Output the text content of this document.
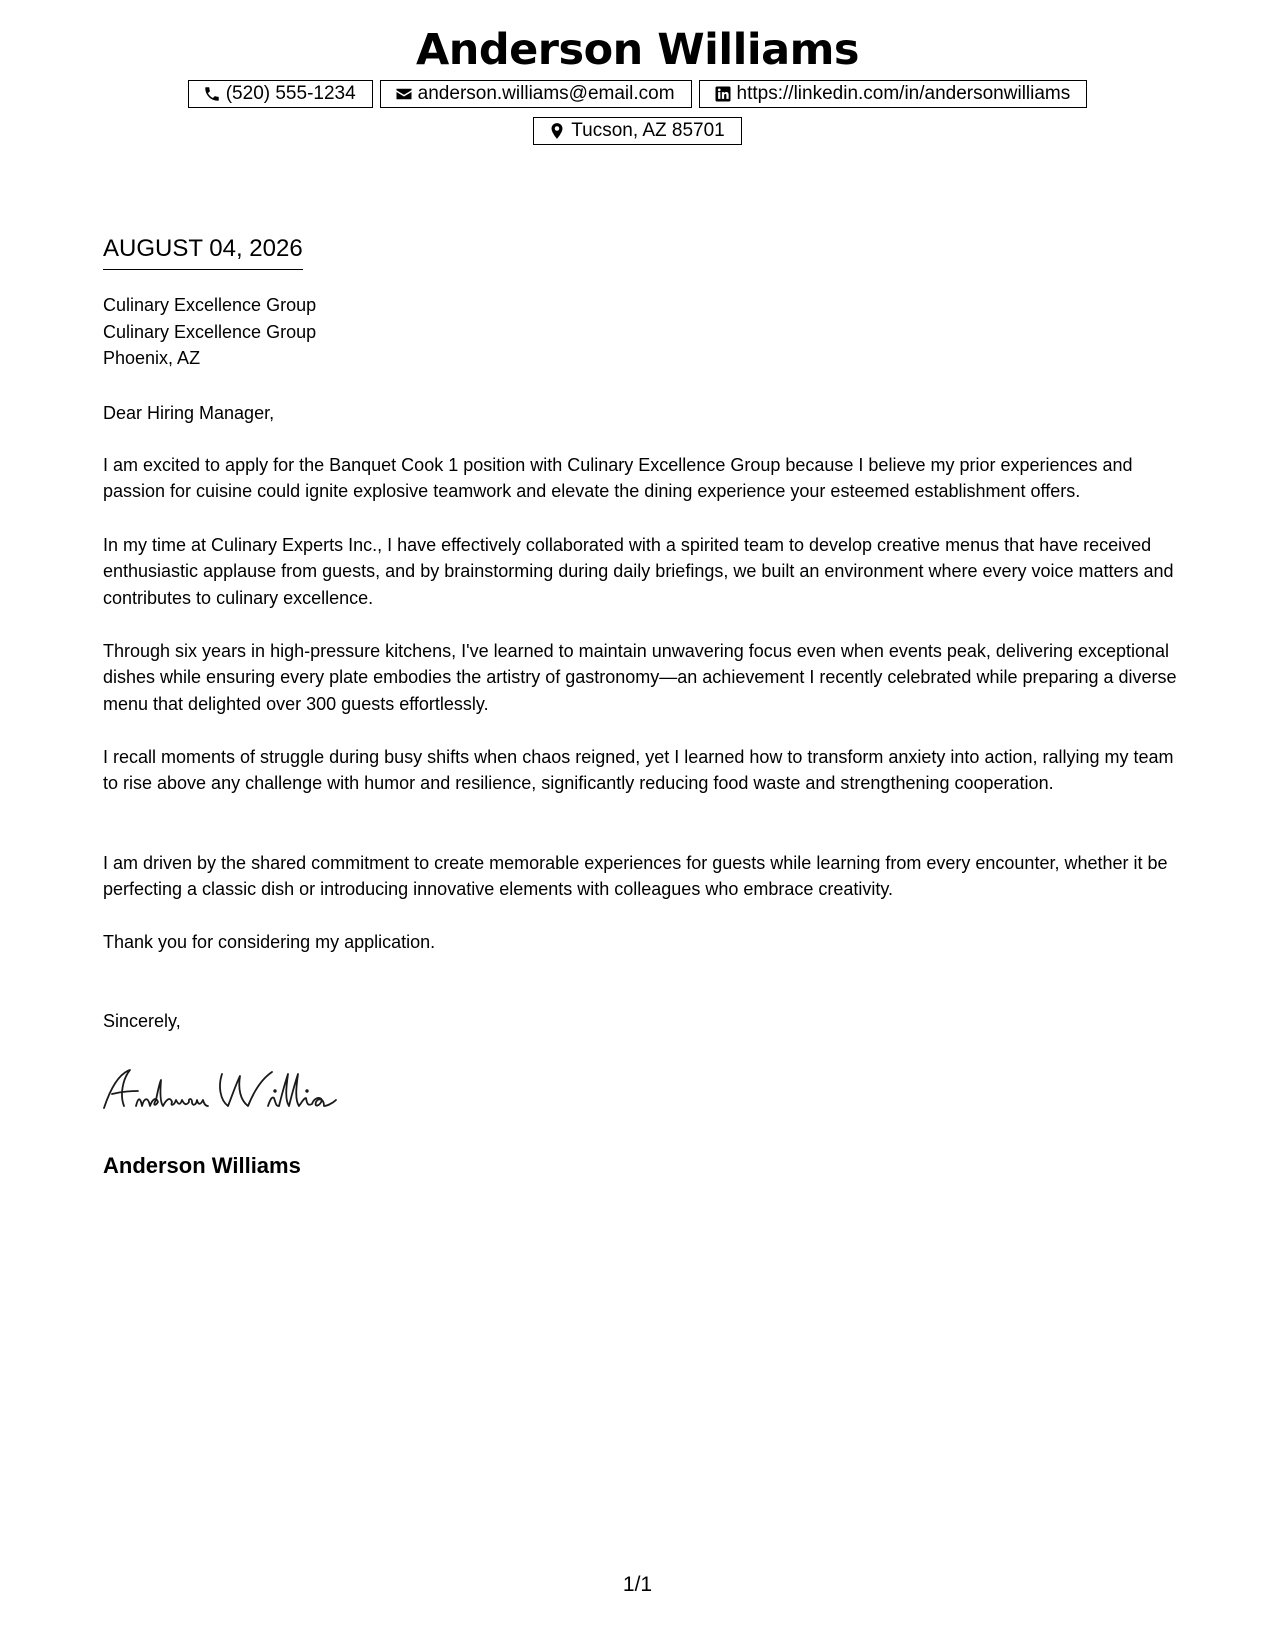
Anderson Williams
(520) 555-1234	anderson.williams@email.com	https://linkedin.com/in/andersonwilliams
Tucson, AZ 85701
AUGUST 04, 2026
Culinary Excellence Group
Culinary Excellence Group
Phoenix, AZ
Dear Hiring Manager,
I am excited to apply for the Banquet Cook 1 position with Culinary Excellence Group because I believe my prior experiences and passion for cuisine could ignite explosive teamwork and elevate the dining experience your esteemed establishment offers.
In my time at Culinary Experts Inc., I have effectively collaborated with a spirited team to develop creative menus that have received enthusiastic applause from guests, and by brainstorming during daily briefings, we built an environment where every voice matters and contributes to culinary excellence.
Through six years in high-pressure kitchens, I've learned to maintain unwavering focus even when events peak, delivering exceptional dishes while ensuring every plate embodies the artistry of gastronomy—an achievement I recently celebrated while preparing a diverse menu that delighted over 300 guests effortlessly.
I recall moments of struggle during busy shifts when chaos reigned, yet I learned how to transform anxiety into action, rallying my team to rise above any challenge with humor and resilience, significantly reducing food waste and strengthening cooperation.
I am driven by the shared commitment to create memorable experiences for guests while learning from every encounter, whether it be perfecting a classic dish or introducing innovative elements with colleagues who embrace creativity.
Thank you for considering my application.
Sincerely,
Anderson Williams
1/1
